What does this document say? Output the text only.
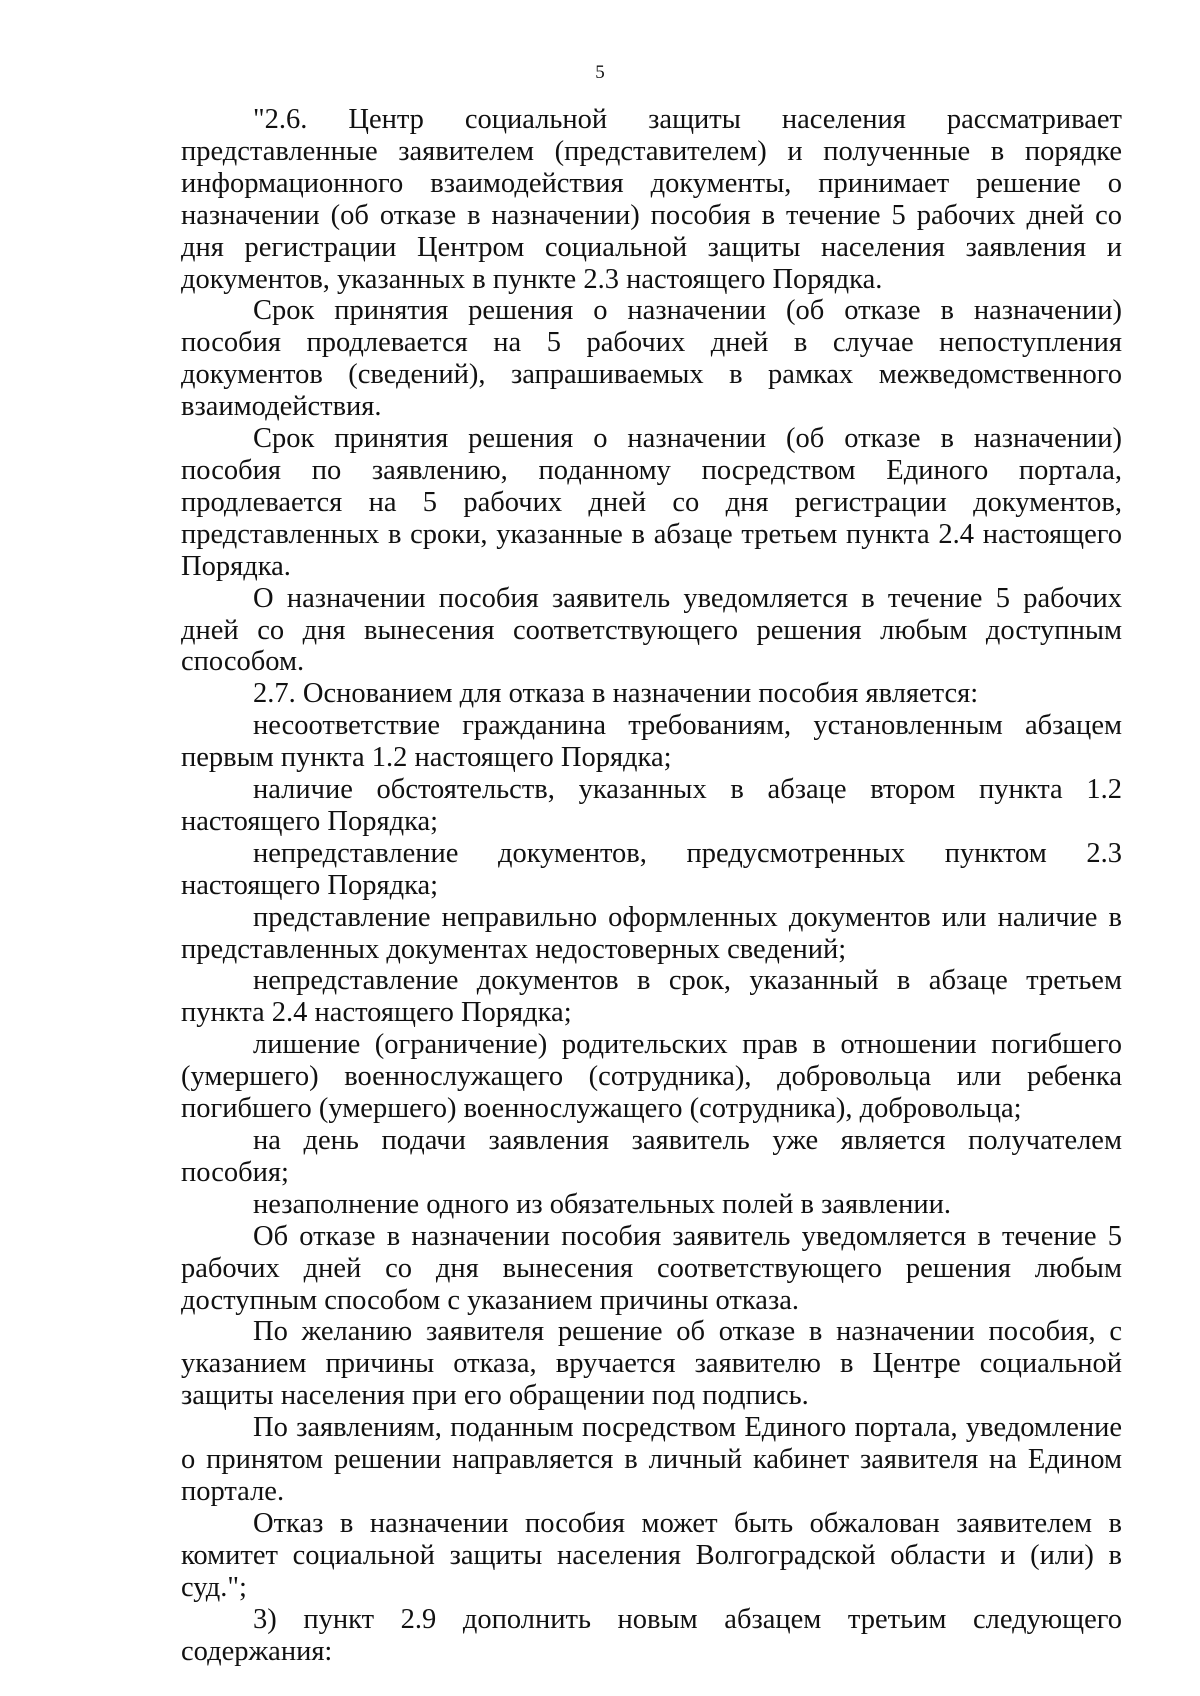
5

"2.6. Центр социальной защиты населения рассматривает представленные заявителем (представителем) и полученные в порядке информационного взаимодействия документы, принимает решение о назначении (об отказе в назначении) пособия в течение 5 рабочих дней со дня регистрации Центром социальной защиты населения заявления и документов, указанных в пункте 2.3 настоящего Порядка.

Срок принятия решения о назначении (об отказе в назначении) пособия продлевается на 5 рабочих дней в случае непоступления документов (сведений), запрашиваемых в рамках межведомственного взаимодействия.

Срок принятия решения о назначении (об отказе в назначении) пособия по заявлению, поданному посредством Единого портала, продлевается на 5 рабочих дней со дня регистрации документов, представленных в сроки, указанные в абзаце третьем пункта 2.4 настоящего Порядка.

О назначении пособия заявитель уведомляется в течение 5 рабочих дней со дня вынесения соответствующего решения любым доступным способом.

2.7. Основанием для отказа в назначении пособия является:

несоответствие гражданина требованиям, установленным абзацем первым пункта 1.2 настоящего Порядка;

наличие обстоятельств, указанных в абзаце втором пункта 1.2 настоящего Порядка;

непредставление документов, предусмотренных пунктом 2.3 настоящего Порядка;

представление неправильно оформленных документов или наличие в представленных документах недостоверных сведений;

непредставление документов в срок, указанный в абзаце третьем пункта 2.4 настоящего Порядка;

лишение (ограничение) родительских прав в отношении погибшего (умершего) военнослужащего (сотрудника), добровольца или ребенка погибшего (умершего) военнослужащего (сотрудника), добровольца;

на день подачи заявления заявитель уже является получателем пособия;

незаполнение одного из обязательных полей в заявлении.

Об отказе в назначении пособия заявитель уведомляется в течение 5 рабочих дней со дня вынесения соответствующего решения любым доступным способом с указанием причины отказа.

По желанию заявителя решение об отказе в назначении пособия, с указанием причины отказа, вручается заявителю в Центре социальной защиты населения при его обращении под подпись.

По заявлениям, поданным посредством Единого портала, уведомление о принятом решении направляется в личный кабинет заявителя на Едином портале.

Отказ в назначении пособия может быть обжалован заявителем в комитет социальной защиты населения Волгоградской области и (или) в суд.";

3) пункт 2.9 дополнить новым абзацем третьим следующего содержания:
